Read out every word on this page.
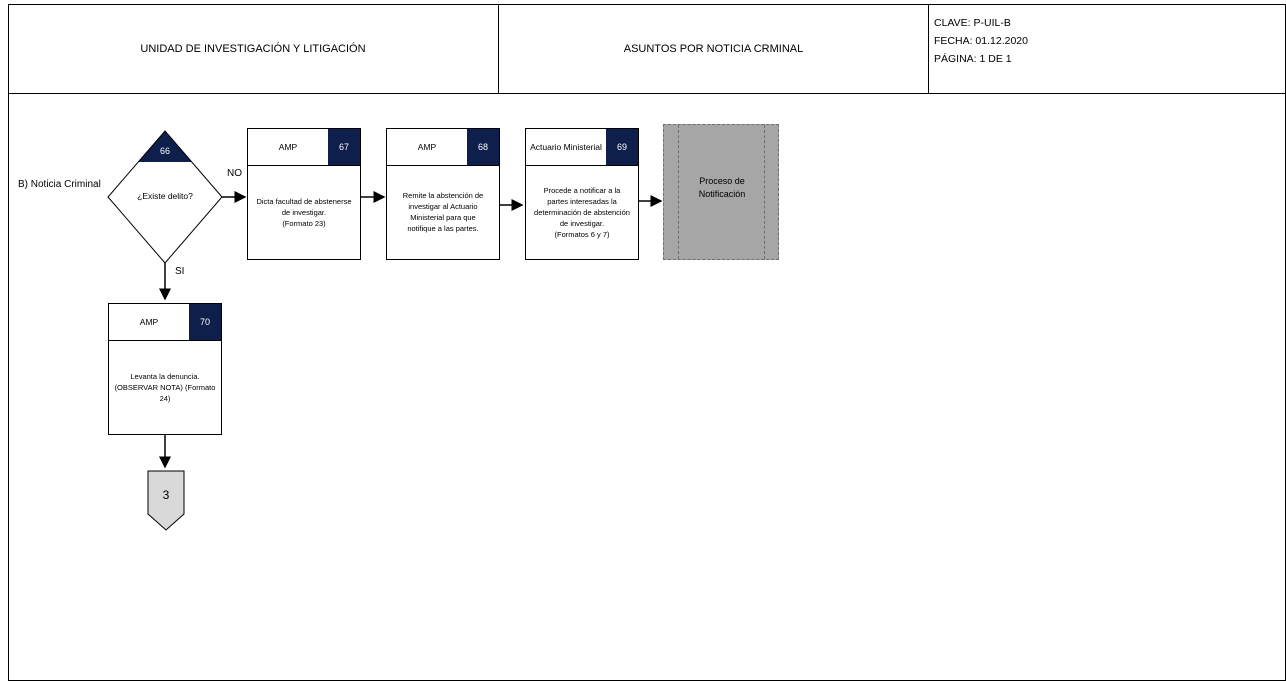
UNIDAD DE INVESTIGACIÓN Y LITIGACIÓN	ASUNTOS POR NOTICIA CRMINAL
CLAVE: P-UIL-B
FECHA: 01.12.2020
PÁGINA: 1 DE 1
B) Noticia Criminal
66
¿Existe delito?
NO
SI
AMP	67
Dicta facultad de abstenerse
de investigar.
(Formato 23)
AMP	68
Remite la abstención de
investigar al Actuario
Ministerial para que
notifique a las partes.
Actuario Ministerial	69
Procede a notificar a la
partes interesadas la
determinación de abstención
de investigar.
(Formatos 6 y 7)
Proceso de
Notificación
AMP	70
Levanta la denuncia.
(OBSERVAR NOTA) (Formato
24)
3
